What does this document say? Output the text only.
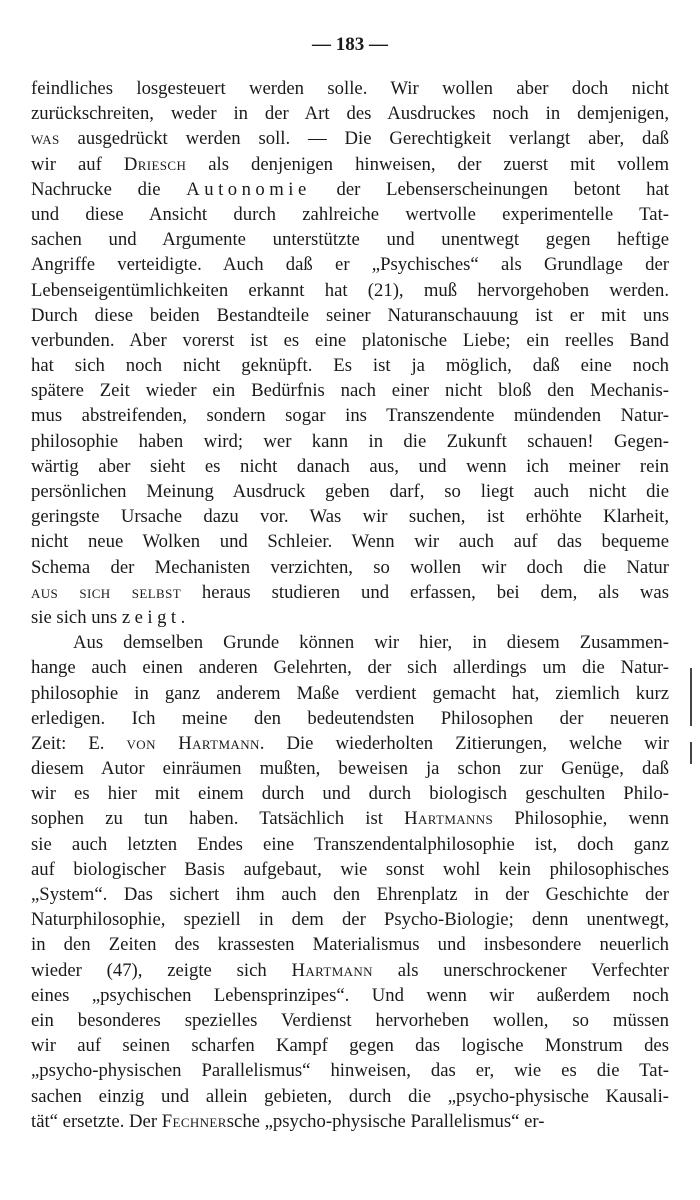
— 183 —
feindliches losgesteuert werden solle. Wir wollen aber doch nicht
zurückschreiten, weder in der Art des Ausdruckes noch in demjenigen,
was ausgedrückt werden soll. — Die Gerechtigkeit verlangt aber, daß
wir auf Driesch als denjenigen hinweisen, der zuerst mit vollem
Nachrucke die Autonomie der Lebenserscheinungen betont hat
und diese Ansicht durch zahlreiche wertvolle experimentelle Tat-
sachen und Argumente unterstützte und unentwegt gegen heftige
Angriffe verteidigte. Auch daß er „Psychisches“ als Grundlage der
Lebenseigentümlichkeiten erkannt hat (21), muß hervorgehoben werden.
Durch diese beiden Bestandteile seiner Naturanschauung ist er mit uns
verbunden. Aber vorerst ist es eine platonische Liebe; ein reelles Band
hat sich noch nicht geknüpft. Es ist ja möglich, daß eine noch
spätere Zeit wieder ein Bedürfnis nach einer nicht bloß den Mechanis-
mus abstreifenden, sondern sogar ins Transzendente mündenden Natur-
philosophie haben wird; wer kann in die Zukunft schauen! Gegen-
wärtig aber sieht es nicht danach aus, und wenn ich meiner rein
persönlichen Meinung Ausdruck geben darf, so liegt auch nicht die
geringste Ursache dazu vor. Was wir suchen, ist erhöhte Klarheit,
nicht neue Wolken und Schleier. Wenn wir auch auf das bequeme
Schema der Mechanisten verzichten, so wollen wir doch die Natur
aus sich selbst heraus studieren und erfassen, bei dem, als was
sie sich uns zeigt.
Aus demselben Grunde können wir hier, in diesem Zusammen-
hange auch einen anderen Gelehrten, der sich allerdings um die Natur-
philosophie in ganz anderem Maße verdient gemacht hat, ziemlich kurz
erledigen. Ich meine den bedeutendsten Philosophen der neueren
Zeit: E. von Hartmann. Die wiederholten Zitierungen, welche wir
diesem Autor einräumen mußten, beweisen ja schon zur Genüge, daß
wir es hier mit einem durch und durch biologisch geschulten Philo-
sophen zu tun haben. Tatsächlich ist Hartmanns Philosophie, wenn
sie auch letzten Endes eine Transzendentalphilosophie ist, doch ganz
auf biologischer Basis aufgebaut, wie sonst wohl kein philosophisches
„System“. Das sichert ihm auch den Ehrenplatz in der Geschichte der
Naturphilosophie, speziell in dem der Psycho-Biologie; denn unentwegt,
in den Zeiten des krassesten Materialismus und insbesondere neuerlich
wieder (47), zeigte sich Hartmann als unerschrockener Verfechter
eines „psychischen Lebensprinzipes“. Und wenn wir außerdem noch
ein besonderes spezielles Verdienst hervorheben wollen, so müssen
wir auf seinen scharfen Kampf gegen das logische Monstrum des
„psycho-physischen Parallelismus“ hinweisen, das er, wie es die Tat-
sachen einzig und allein gebieten, durch die „psycho-physische Kausali-
tät“ ersetzte. Der Fechnersche „psycho-physische Parallelismus“ er-
